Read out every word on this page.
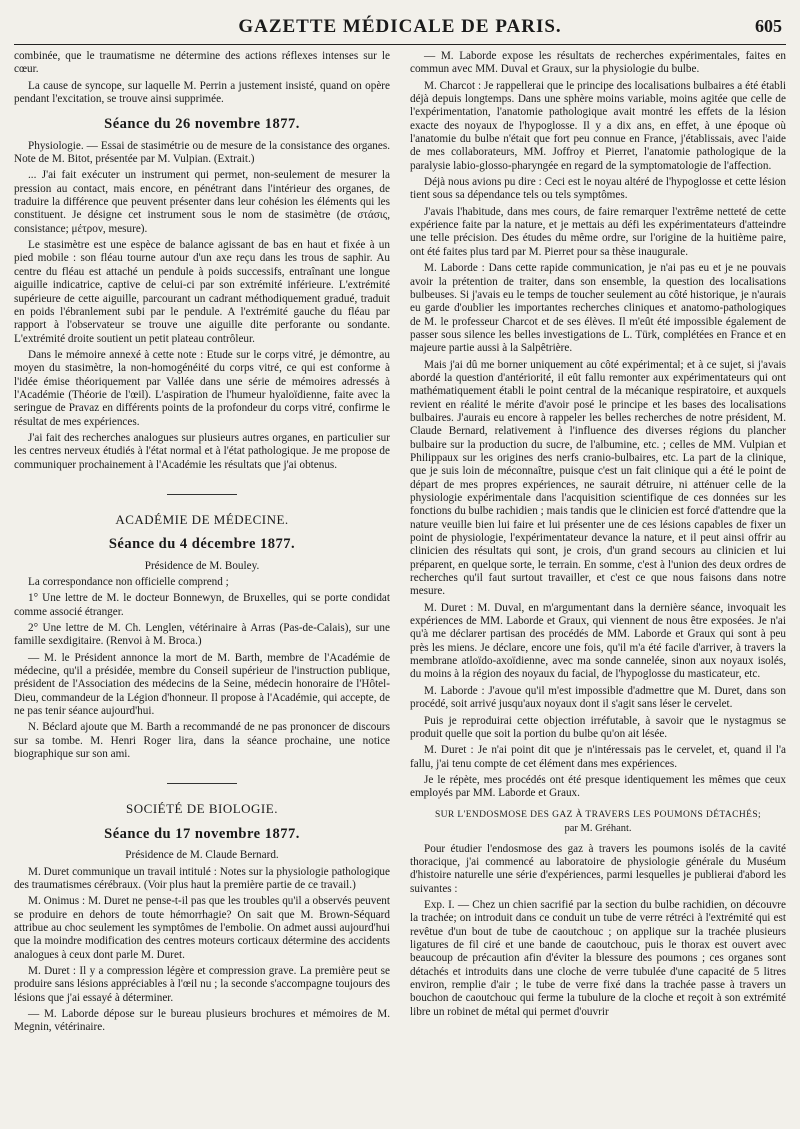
GAZETTE MÉDICALE DE PARIS.	605

combinée, que le traumatisme ne détermine des actions réflexes intenses sur le cœur.

La cause de syncope, sur laquelle M. Perrin a justement insisté, quand on opère pendant l'excitation, se trouve ainsi supprimée.

Séance du 26 novembre 1877.

Physiologie. — Essai de stasimétrie ou de mesure de la consistance des organes. Note de M. Bitot, présentée par M. Vulpian. (Extrait.)

... J'ai fait exécuter un instrument qui permet, non-seulement de mesurer la pression au contact, mais encore, en pénétrant dans l'intérieur des organes, de traduire la différence que peuvent présenter dans leur cohésion les éléments qui les constituent. Je désigne cet instrument sous le nom de stasimètre (de στάσις, consistance; μέτρον, mesure).

Le stasimètre est une espèce de balance agissant de bas en haut et fixée à un pied mobile : son fléau tourne autour d'un axe reçu dans les trous de saphir. Au centre du fléau est attaché un pendule à poids successifs, entraînant une longue aiguille indicatrice, captive de celui-ci par son extrémité inférieure. L'extrémité supérieure de cette aiguille, parcourant un cadrant méthodiquement gradué, traduit en poids l'ébranlement subi par le pendule. A l'extrémité gauche du fléau par rapport à l'observateur se trouve une aiguille dite perforante ou sondante. L'extrémité droite soutient un petit plateau contrôleur.

Dans le mémoire annexé à cette note : Etude sur le corps vitré, je démontre, au moyen du stasimètre, la non-homogénéité du corps vitré, ce qui est conforme à l'idée émise théoriquement par Vallée dans une série de mémoires adressés à l'Académie (Théorie de l'œil). L'aspiration de l'humeur hyaloïdienne, faite avec la seringue de Pravaz en différents points de la profondeur du corps vitré, confirme le résultat de mes expériences.

J'ai fait des recherches analogues sur plusieurs autres organes, en particulier sur les centres nerveux étudiés à l'état normal et à l'état pathologique. Je me propose de communiquer prochainement à l'Académie les résultats que j'ai obtenus.

ACADÉMIE DE MÉDECINE.
Séance du 4 décembre 1877.

Présidence de M. Bouley.

La correspondance non officielle comprend ;

1° Une lettre de M. le docteur Bonnewyn, de Bruxelles, qui se porte condidat comme associé étranger.

2° Une lettre de M. Ch. Lenglen, vétérinaire à Arras (Pas-de-Calais), sur une famille sexdigitaire. (Renvoi à M. Broca.)

— M. le Président annonce la mort de M. Barth, membre de l'Académie de médecine, qu'il a présidée, membre du Conseil supérieur de l'instruction publique, président de l'Association des médecins de la Seine, médecin honoraire de l'Hôtel-Dieu, commandeur de la Légion d'honneur. Il propose à l'Académie, qui accepte, de ne pas tenir séance aujourd'hui.

N. Béclard ajoute que M. Barth a recommandé de ne pas prononcer de discours sur sa tombe. M. Henri Roger lira, dans la séance prochaine, une notice biographique sur son ami.

SOCIÉTÉ DE BIOLOGIE.
Séance du 17 novembre 1877.

Présidence de M. Claude Bernard.

M. Duret communique un travail intitulé : Notes sur la physiologie pathologique des traumatismes cérébraux. (Voir plus haut la première partie de ce travail.)

M. Onimus : M. Duret ne pense-t-il pas que les troubles qu'il a observés peuvent se produire en dehors de toute hémorrhagie? On sait que M. Brown-Séquard attribue au choc seulement les symptômes de l'embolie. On admet aussi aujourd'hui que la moindre modification des centres moteurs corticaux détermine des accidents analogues à ceux dont parle M. Duret.

M. Duret : Il y a compression légère et compression grave. La première peut se produire sans lésions appréciables à l'œil nu ; la seconde s'accompagne toujours des lésions que j'ai essayé à déterminer.

— M. Laborde dépose sur le bureau plusieurs brochures et mémoires de M. Megnin, vétérinaire.

— M. Laborde expose les résultats de recherches expérimentales, faites en commun avec MM. Duval et Graux, sur la physiologie du bulbe.

M. Charcot : Je rappellerai que le principe des localisations bulbaires a été établi déjà depuis longtemps. Dans une sphère moins variable, moins agitée que celle de l'expérimentation, l'anatomie pathologique avait montré les effets de la lésion exacte des noyaux de l'hypoglosse. Il y a dix ans, en effet, à une époque où l'anatomie du bulbe n'était que fort peu connue en France, j'établissais, avec l'aide de mes collaborateurs, MM. Joffroy et Pierret, l'anatomie pathologique de la paralysie labio-glosso-pharyngée en regard de la symptomatologie de l'affection.

Déjà nous avions pu dire : Ceci est le noyau altéré de l'hypoglosse et cette lésion tient sous sa dépendance tels ou tels symptômes.

J'avais l'habitude, dans mes cours, de faire remarquer l'extrême netteté de cette expérience faite par la nature, et je mettais au défi les expérimentateurs d'atteindre une telle précision. Des études du même ordre, sur l'origine de la huitième paire, ont été faites plus tard par M. Pierret pour sa thèse inaugurale.

M. Laborde : Dans cette rapide communication, je n'ai pas eu et je ne pouvais avoir la prétention de traiter, dans son ensemble, la question des localisations bulbeuses. Si j'avais eu le temps de toucher seulement au côté historique, je n'aurais eu garde d'oublier les importantes recherches cliniques et anatomo-pathologiques de M. le professeur Charcot et de ses élèves. Il m'eût été impossible également de passer sous silence les belles investigations de L. Türk, complétées en France et en majeure partie aussi à la Salpêtrière.

Mais j'ai dû me borner uniquement au côté expérimental; et à ce sujet, si j'avais abordé la question d'antériorité, il eût fallu remonter aux expérimentateurs qui ont mathématiquement établi le point central de la mécanique respiratoire, et auxquels revient en réalité le mérite d'avoir posé le principe et les bases des localisations bulbaires. J'aurais eu encore à rappeler les belles recherches de notre président, M. Claude Bernard, relativement à l'influence des diverses régions du plancher bulbaire sur la production du sucre, de l'albumine, etc. ; celles de MM. Vulpian et Philippaux sur les origines des nerfs cranio-bulbaires, etc. La part de la clinique, que je suis loin de méconnaître, puisque c'est un fait clinique qui a été le point de départ de mes propres expériences, ne saurait détruire, ni atténuer celle de la physiologie expérimentale dans l'acquisition scientifique de ces données sur les fonctions du bulbe rachidien ; mais tandis que le clinicien est forcé d'attendre que la nature veuille bien lui faire et lui présenter une de ces lésions capables de fixer un point de physiologie, l'expérimentateur devance la nature, et il peut ainsi offrir au clinicien des résultats qui sont, je crois, d'un grand secours au clinicien et lui préparent, en quelque sorte, le terrain. En somme, c'est à l'union des deux ordres de recherches qu'il faut surtout travailler, et c'est ce que nous faisons dans notre mesure.

M. Duret : M. Duval, en m'argumentant dans la dernière séance, invoquait les expériences de MM. Laborde et Graux, qui viennent de nous être exposées. Je n'ai qu'à me déclarer partisan des procédés de MM. Laborde et Graux qui sont à peu près les miens. Je déclare, encore une fois, qu'il m'a été facile d'arriver, à travers la membrane atloïdo-axoïdienne, avec ma sonde cannelée, sinon aux noyaux isolés, du moins à la région des noyaux du facial, de l'hypoglosse du masticateur, etc.

M. Laborde : J'avoue qu'il m'est impossible d'admettre que M. Duret, dans son procédé, soit arrivé jusqu'aux noyaux dont il s'agit sans léser le cervelet.

Puis je reproduirai cette objection irréfutable, à savoir que le nystagmus se produit quelle que soit la portion du bulbe qu'on ait lésée.

M. Duret : Je n'ai point dit que je n'intéressais pas le cervelet, et, quand il l'a fallu, j'ai tenu compte de cet élément dans mes expériences.

Je le répète, mes procédés ont été presque identiquement les mêmes que ceux employés par MM. Laborde et Graux.

SUR L'ENDOSMOSE DES GAZ À TRAVERS LES POUMONS DÉTACHÉS;
par M. Gréhant.

Pour étudier l'endosmose des gaz à travers les poumons isolés de la cavité thoracique, j'ai commencé au laboratoire de physiologie générale du Muséum d'histoire naturelle une série d'expériences, parmi lesquelles je publierai d'abord les suivantes :

Exp. I. — Chez un chien sacrifié par la section du bulbe rachidien, on découvre la trachée; on introduit dans ce conduit un tube de verre rétréci à l'extrémité qui est revêtue d'un bout de tube de caoutchouc ; on applique sur la trachée plusieurs ligatures de fil ciré et une bande de caoutchouc, puis le thorax est ouvert avec beaucoup de précaution afin d'éviter la blessure des poumons ; ces organes sont détachés et introduits dans une cloche de verre tubulée d'une capacité de 5 litres environ, remplie d'air ; le tube de verre fixé dans la trachée passe à travers un bouchon de caoutchouc qui ferme la tubulure de la cloche et reçoit à son extrémité libre un robinet de métal qui permet d'ouvrir
